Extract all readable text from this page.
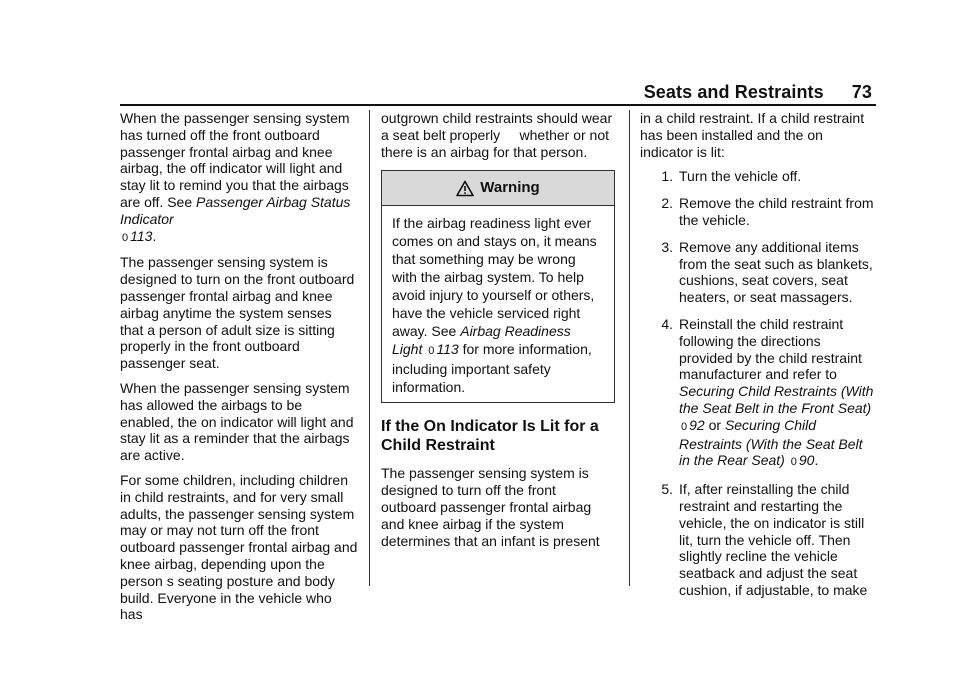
Seats and Restraints 73

When the passenger sensing system has turned off the front outboard passenger frontal airbag and knee airbag, the off indicator will light and stay lit to remind you that the airbags are off. See Passenger Airbag Status Indicator
0 113.

The passenger sensing system is designed to turn on the front outboard passenger frontal airbag and knee airbag anytime the system senses that a person of adult size is sitting properly in the front outboard passenger seat.

When the passenger sensing system has allowed the airbags to be enabled, the on indicator will light and stay lit as a reminder that the airbags are active.

For some children, including children in child restraints, and for very small adults, the passenger sensing system may or may not turn off the front outboard passenger frontal airbag and knee airbag, depending upon the person s seating posture and body build. Everyone in the vehicle who has

outgrown child restraints should wear a seat belt properly     whether or not there is an airbag for that person.

Warning
If the airbag readiness light ever comes on and stays on, it means that something may be wrong with the airbag system. To help avoid injury to yourself or others, have the vehicle serviced right away. See Airbag Readiness Light 0 113 for more information, including important safety information.
If the On Indicator Is Lit for a Child Restraint

The passenger sensing system is designed to turn off the front outboard passenger frontal airbag and knee airbag if the system determines that an infant is present

in a child restraint. If a child restraint has been installed and the on indicator is lit:

1. Turn the vehicle off.
2. Remove the child restraint from the vehicle.
3. Remove any additional items from the seat such as blankets, cushions, seat covers, seat heaters, or seat massagers.
4. Reinstall the child restraint following the directions provided by the child restraint manufacturer and refer to Securing Child Restraints (With the Seat Belt in the Front Seat)
0 92 or Securing Child Restraints (With the Seat Belt in the Rear Seat) 0 90.
5. If, after reinstalling the child restraint and restarting the vehicle, the on indicator is still lit, turn the vehicle off. Then slightly recline the vehicle seatback and adjust the seat cushion, if adjustable, to make
